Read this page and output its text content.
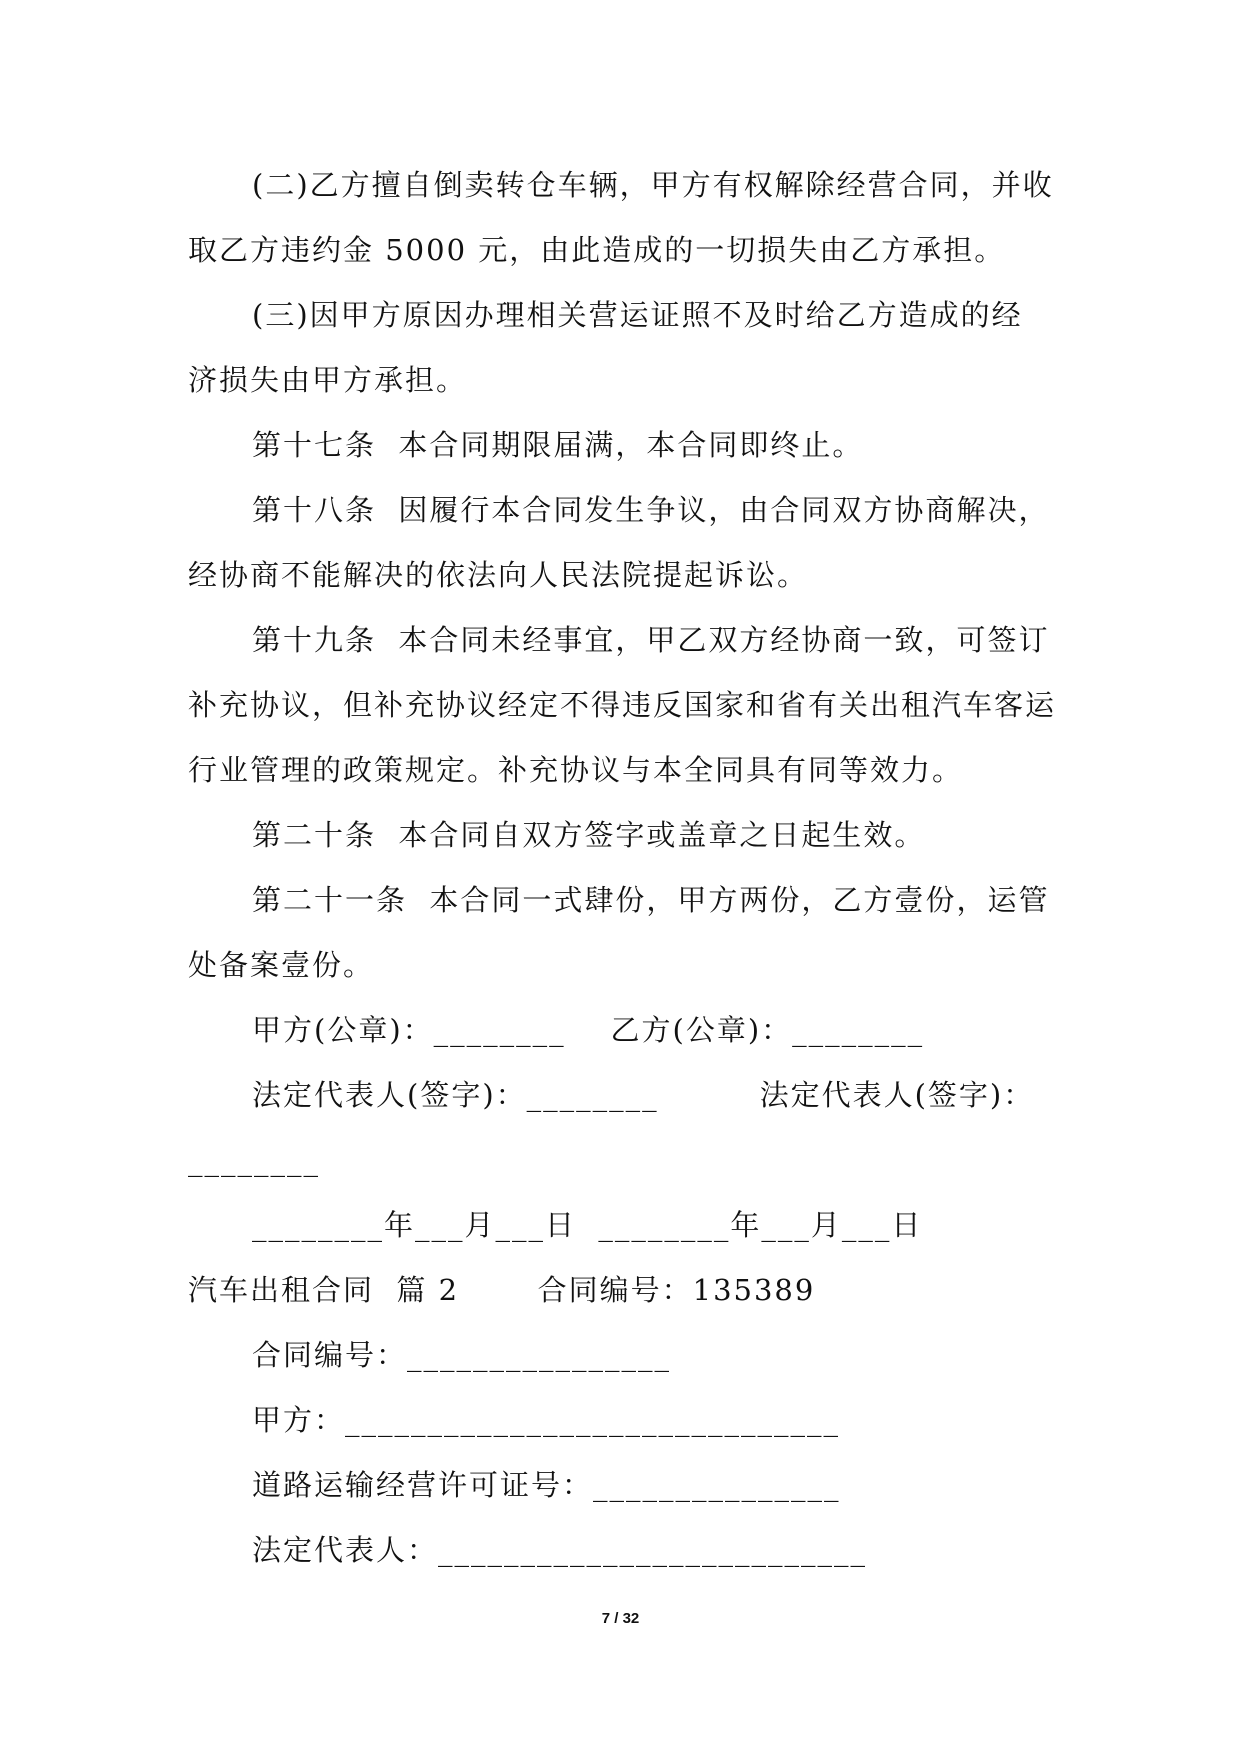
(二)乙方擅自倒卖转仓车辆，甲方有权解除经营合同，并收
取乙方违约金 5000 元，由此造成的一切损失由乙方承担。
(三)因甲方原因办理相关营运证照不及时给乙方造成的经
济损失由甲方承担。
第十七条  本合同期限届满，本合同即终止。
第十八条  因履行本合同发生争议，由合同双方协商解决，
经协商不能解决的依法向人民法院提起诉讼。
第十九条  本合同未经事宜，甲乙双方经协商一致，可签订
补充协议，但补充协议经定不得违反国家和省有关出租汽车客运
行业管理的政策规定。补充协议与本全同具有同等效力。
第二十条  本合同自双方签字或盖章之日起生效。
第二十一条  本合同一式肆份，甲方两份，乙方壹份，运管
处备案壹份。
甲方(公章)：________    乙方(公章)：________
法定代表人(签字)：________         法定代表人(签字)：
________
________年___月___日  ________年___月___日
汽车出租合同  篇 2       合同编号：135389
合同编号：________________
甲方：______________________________
道路运输经营许可证号：_______________
法定代表人：__________________________
7 / 32
